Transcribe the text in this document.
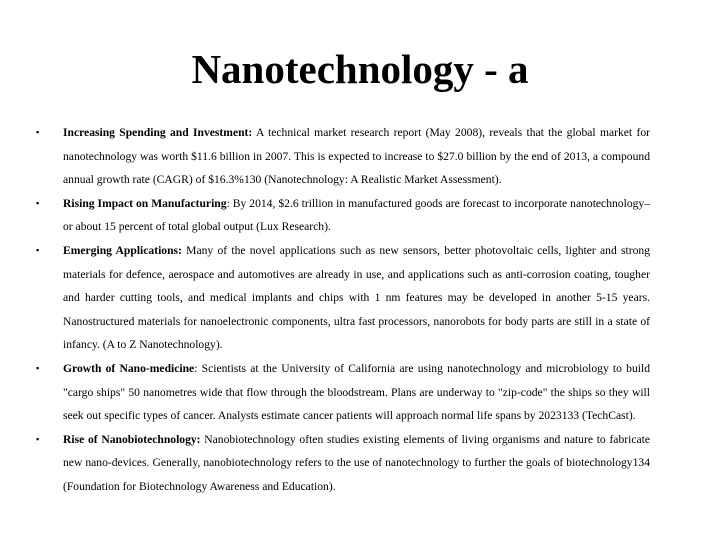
Nanotechnology - a
▪ Increasing Spending and Investment: A technical market research report (May 2008), reveals that the global market for nanotechnology was worth $11.6 billion in 2007. This is expected to increase to $27.0 billion by the end of 2013, a compound annual growth rate (CAGR) of $16.3%130 (Nanotechnology: A Realistic Market Assessment).
▪ Rising Impact on Manufacturing: By 2014, $2.6 trillion in manufactured goods are forecast to incorporate nanotechnology–or about 15 percent of total global output (Lux Research).
▪ Emerging Applications: Many of the novel applications such as new sensors, better photovoltaic cells, lighter and strong materials for defence, aerospace and automotives are already in use, and applications such as anti-corrosion coating, tougher and harder cutting tools, and medical implants and chips with 1 nm features may be developed in another 5-15 years. Nanostructured materials for nanoelectronic components, ultra fast processors, nanorobots for body parts are still in a state of infancy. (A to Z Nanotechnology).
▪ Growth of Nano-medicine: Scientists at the University of California are using nanotechnology and microbiology to build "cargo ships" 50 nanometres wide that flow through the bloodstream. Plans are underway to "zip-code" the ships so they will seek out specific types of cancer. Analysts estimate cancer patients will approach normal life spans by 2023133 (TechCast).
▪ Rise of Nanobiotechnology: Nanobiotechnology often studies existing elements of living organisms and nature to fabricate new nano-devices. Generally, nanobiotechnology refers to the use of nanotechnology to further the goals of biotechnology134 (Foundation for Biotechnology Awareness and Education).
